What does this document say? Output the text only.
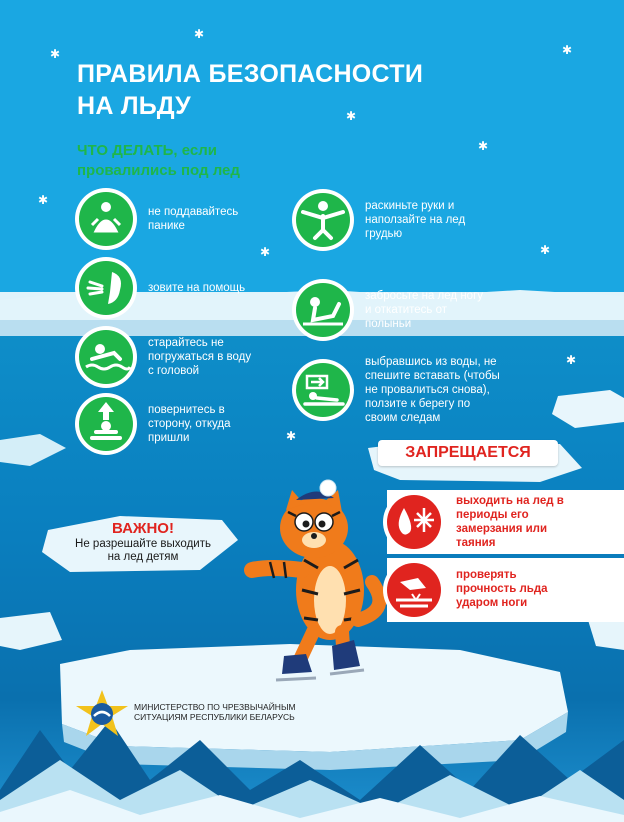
✱
✱	✱
✱
✱
✱
✱
✱
✱
✱
ПРАВИЛА БЕЗОПАСНОСТИ
НА ЛЬДУ
ЧТО ДЕЛАТЬ, если
провалились под лед
не поддавайтесь панике
зовите на помощь
старайтесь не погружаться в воду с головой
повернитесь в сторону, откуда пришли
раскиньте руки и наползайте на лед грудью
забросьте на лед ногу и откатитесь от полыньи
выбравшись из воды, не спешите вставать (чтобы не провалиться снова), ползите к берегу по своим следам
ЗАПРЕЩАЕТСЯ
выходить на лед в периоды его замерзания или таяния
проверять прочность льда ударом ноги
ВАЖНО!
Не разрешайте выходить на лед детям
МИНИСТЕРСТВО ПО ЧРЕЗВЫЧАЙНЫМ СИТУАЦИЯМ РЕСПУБЛИКИ БЕЛАРУСЬ
